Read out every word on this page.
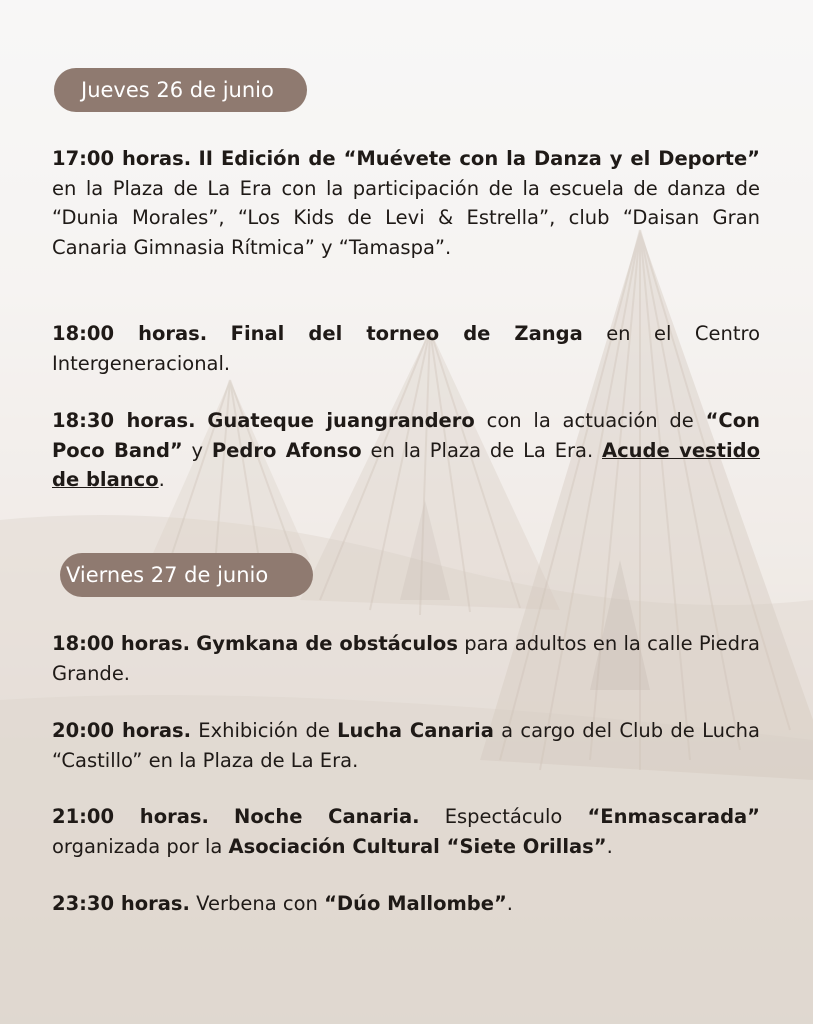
Jueves 26 de junio

17:00 horas. II Edición de “Muévete con la Danza y el Deporte” en la Plaza de La Era con la participación de la escuela de danza de “Dunia Morales”, “Los Kids de Levi & Estrella”, club “Daisan Gran Canaria Gimnasia Rítmica” y “Tamaspa”.

18:00 horas. Final del torneo de Zanga en el Centro Intergeneracional.

18:30 horas. Guateque juangrandero con la actuación de “Con Poco Band” y Pedro Afonso en la Plaza de La Era. Acude vestido de blanco.

Viernes 27 de junio

18:00 horas. Gymkana de obstáculos para adultos en la calle Piedra Grande.

20:00 horas. Exhibición de Lucha Canaria a cargo del Club de Lucha “Castillo” en la Plaza de La Era.

21:00 horas. Noche Canaria. Espectáculo “Enmascarada” organizada por la Asociación Cultural “Siete Orillas”.

23:30 horas. Verbena con “Dúo Mallombe”.
